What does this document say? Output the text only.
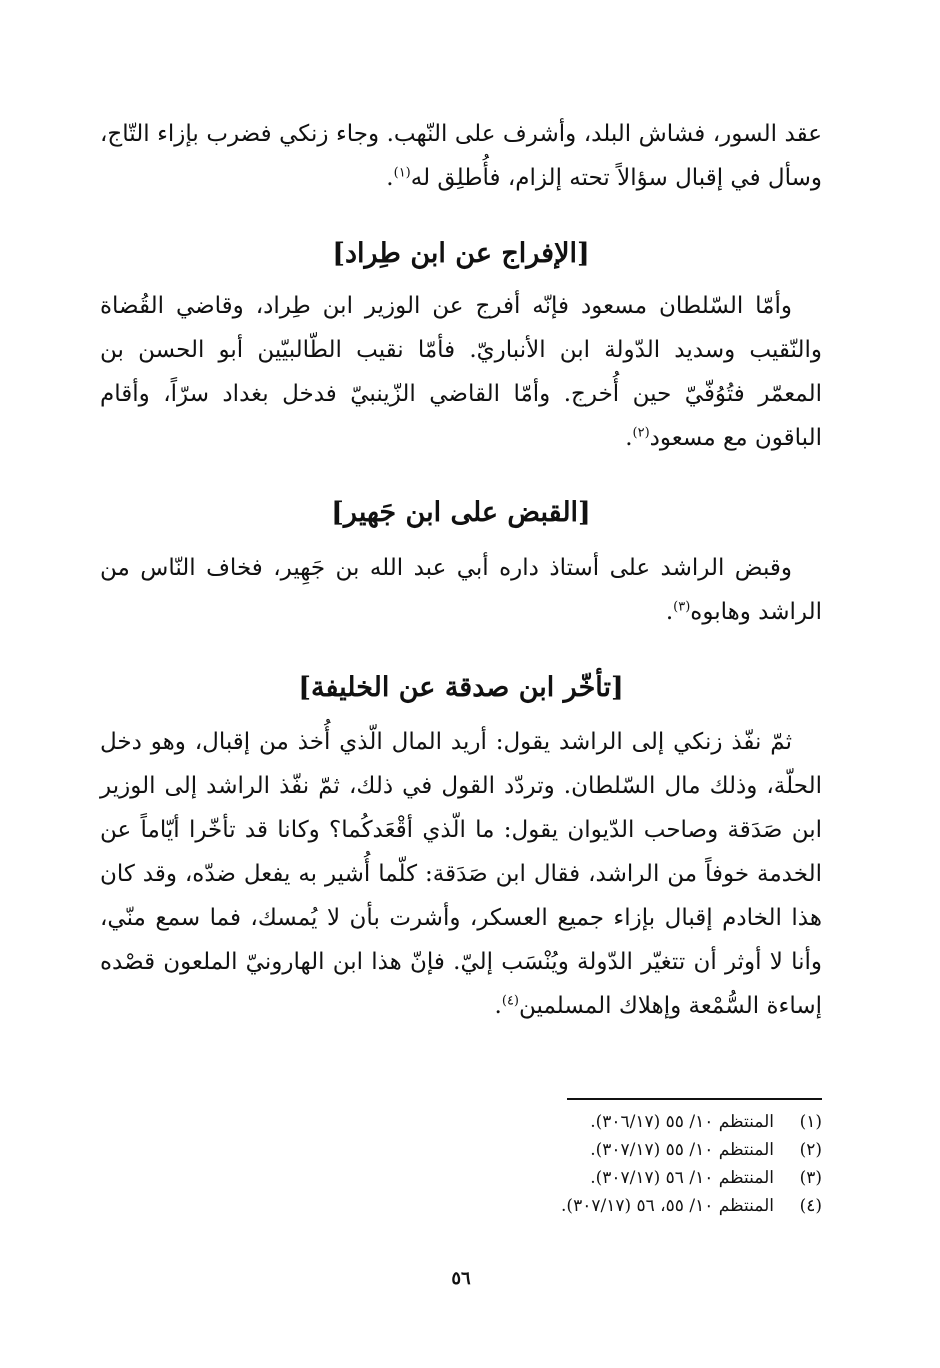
عقد السور، فشاش البلد، وأشرف على النّهب. وجاء زنكي فضرب بإزاء التّاج، وسأل في إقبال سؤالاً تحته إلزام، فأُطلِق له$^{(١)}$.

[الإفراج عن ابن طِراد]

وأمّا السّلطان مسعود فإنّه أفرج عن الوزير ابن طِراد، وقاضي القُضاة والنّقيب وسديد الدّولة ابن الأنباريّ. فأمّا نقيب الطّالبيّين أبو الحسن بن المعمّر فتُوُفّيّ حين أُخرج. وأمّا القاضي الزّينبيّ فدخل بغداد سرّاً، وأقام الباقون مع مسعود$^{(٢)}$.

[القبض على ابن جَهير]

وقبض الراشد على أستاذ داره أبي عبد الله بن جَهِير، فخاف النّاس من الراشد وهابوه$^{(٣)}$.

[تأخّر ابن صدقة عن الخليفة]

ثمّ نفّذ زنكي إلى الراشد يقول: أريد المال الّذي أُخذ من إقبال، وهو دخل الحلّة، وذلك مال السّلطان. وتردّد القول في ذلك، ثمّ نفّذ الراشد إلى الوزير ابن صَدَقة وصاحب الدّيوان يقول: ما الّذي أقْعَدكُما؟ وكانا قد تأخّرا أيّاماً عن الخدمة خوفاً من الراشد، فقال ابن صَدَقة: كلّما أُشير به يفعل ضدّه، وقد كان هذا الخادم إقبال بإزاء جميع العسكر، وأشرت بأن لا يُمسك، فما سمع منّي، وأنا لا أوثر أن تتغيّر الدّولة ويُنْسَب إليّ. فإنّ هذا ابن الهارونيّ الملعون قصْده إساءة السُّمْعة وإهلاك المسلمين$^{(٤)}$.

(١)
المنتظم ١٠/ ٥٥ (٣٠٦/١٧).
(٢)
المنتظم ١٠/ ٥٥ (٣٠٧/١٧).
(٣)
المنتظم ١٠/ ٥٦ (٣٠٧/١٧).
(٤)
المنتظم ١٠/ ٥٥، ٥٦ (٣٠٧/١٧).
٥٦
